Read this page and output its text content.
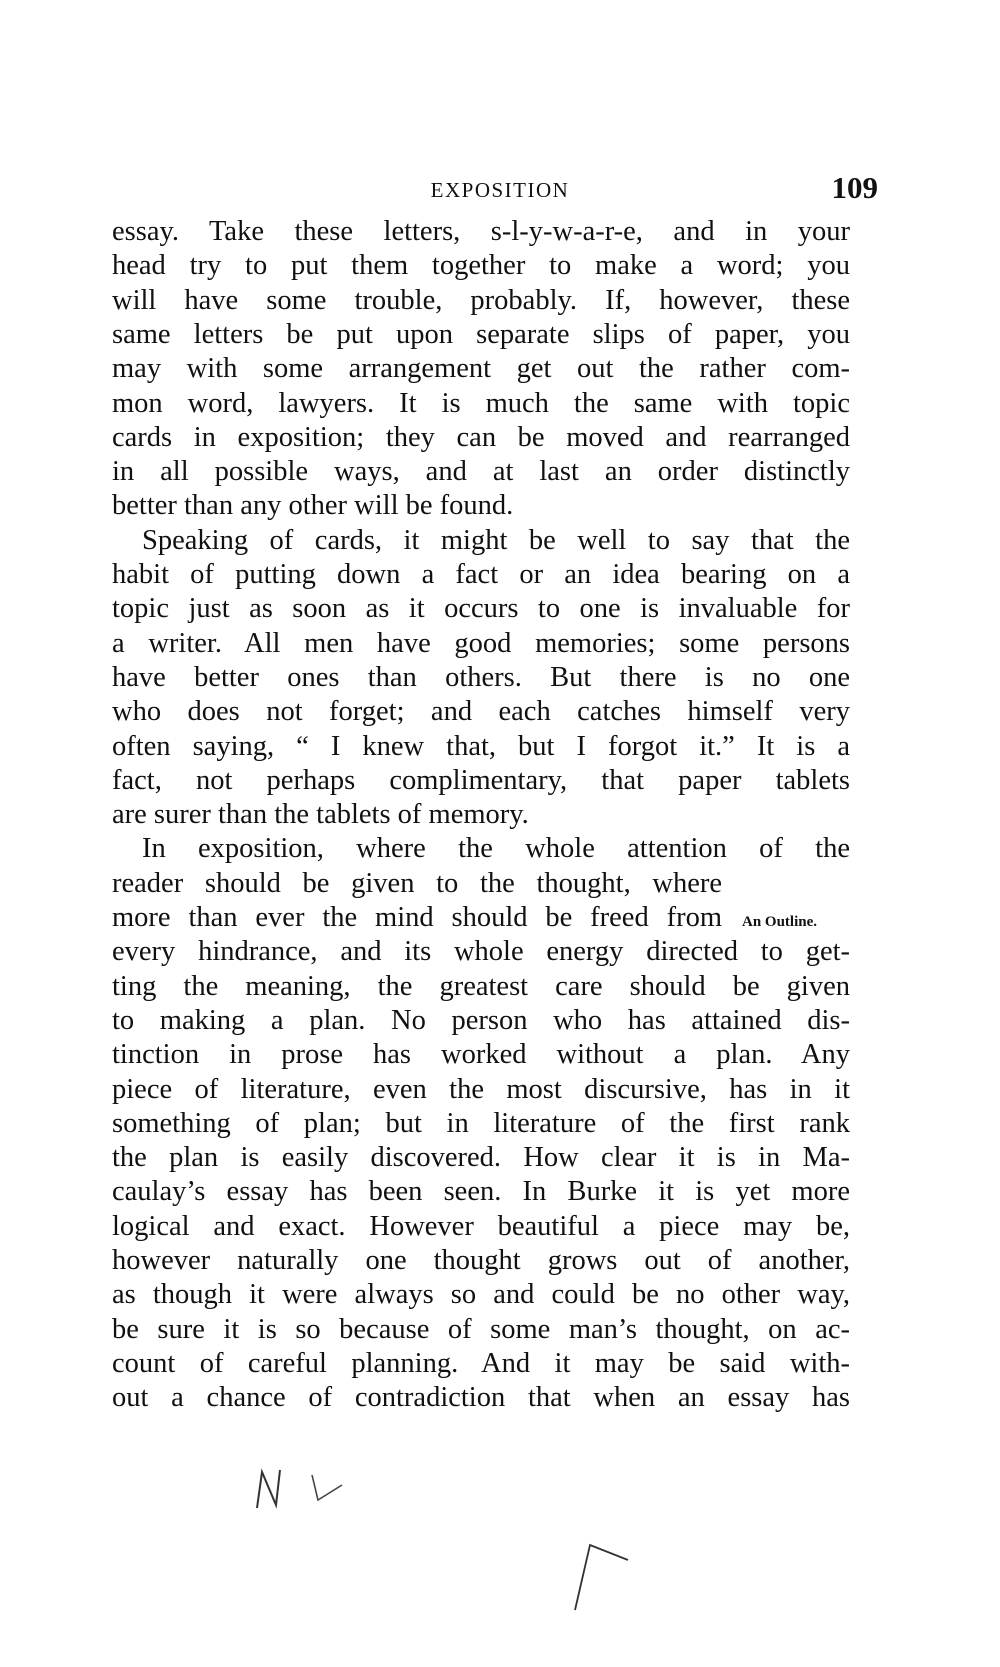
EXPOSITION	109
essay. Take these letters, s-l-y-w-a-r-e, and in your
head try to put them together to make a word; you
will have some trouble, probably. If, however, these
same letters be put upon separate slips of paper, you
may with some arrangement get out the rather com-
mon word, lawyers. It is much the same with topic
cards in exposition; they can be moved and rearranged
in all possible ways, and at last an order distinctly
better than any other will be found.
Speaking of cards, it might be well to say that the
habit of putting down a fact or an idea bearing on a
topic just as soon as it occurs to one is invaluable for
a writer. All men have good memories; some persons
have better ones than others. But there is no one
who does not forget; and each catches himself very
often saying, “ I knew that, but I forgot it.” It is a
fact, not perhaps complimentary, that paper tablets
are surer than the tablets of memory.
In exposition, where the whole attention of the
reader should be given to the thought, where
more than ever the mind should be freed from
every hindrance, and its whole energy directed to get-
ting the meaning, the greatest care should be given
to making a plan. No person who has attained dis-
tinction in prose has worked without a plan. Any
piece of literature, even the most discursive, has in it
something of plan; but in literature of the first rank
the plan is easily discovered. How clear it is in Ma-
caulay’s essay has been seen. In Burke it is yet more
logical and exact. However beautiful a piece may be,
however naturally one thought grows out of another,
as though it were always so and could be no other way,
be sure it is so because of some man’s thought, on ac-
count of careful planning. And it may be said with-
out a chance of contradiction that when an essay has
An Outline.
